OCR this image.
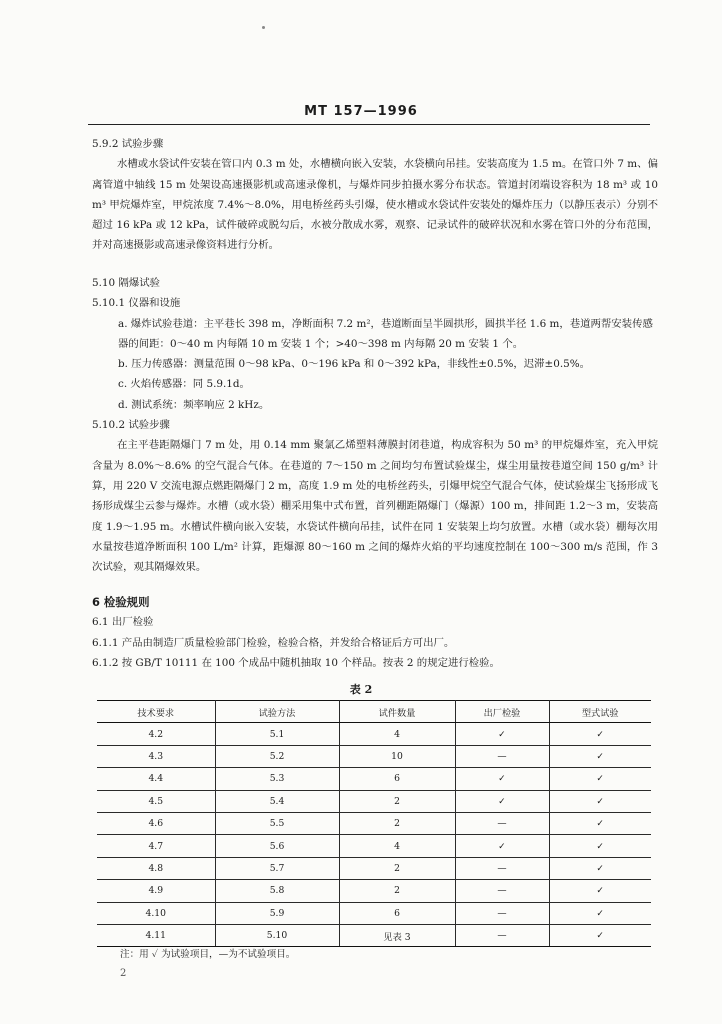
MT 157—1996

5.9.2 试验步骤

水槽或水袋试件安装在管口内 0.3 m 处，水槽横向嵌入安装，水袋横向吊挂。安装高度为 1.5 m。在管口外 7 m、偏离管道中轴线 15 m 处架设高速摄影机或高速录像机，与爆炸同步拍摄水雾分布状态。管道封闭端设容积为 18 m³ 或 10 m³ 甲烷爆炸室，甲烷浓度 7.4%～8.0%，用电桥丝药头引爆，使水槽或水袋试件安装处的爆炸压力（以静压表示）分别不超过 16 kPa 或 12 kPa，试件破碎或脱勾后，水被分散成水雾，观察、记录试件的破碎状况和水雾在管口外的分布范围，并对高速摄影或高速录像资料进行分析。

5.10 隔爆试验

5.10.1 仪器和设施

a. 爆炸试验巷道：主平巷长 398 m，净断面积 7.2 m²，巷道断面呈半圆拱形，圆拱半径 1.6 m，巷道两帮安装传感器的间距：0～40 m 内每隔 10 m 安装 1 个；>40～398 m 内每隔 20 m 安装 1 个。

b. 压力传感器：测量范围 0～98 kPa、0～196 kPa 和 0～392 kPa，非线性±0.5%，迟滞±0.5%。

c. 火焰传感器：同 5.9.1d。

d. 测试系统：频率响应 2 kHz。

5.10.2 试验步骤

在主平巷距隔爆门 7 m 处，用 0.14 mm 聚氯乙烯塑料薄膜封闭巷道，构成容积为 50 m³ 的甲烷爆炸室，充入甲烷含量为 8.0%～8.6% 的空气混合气体。在巷道的 7～150 m 之间均匀布置试验煤尘，煤尘用量按巷道空间 150 g/m³ 计算，用 220 V 交流电源点燃距隔爆门 2 m，高度 1.9 m 处的电桥丝药头，引爆甲烷空气混合气体，使试验煤尘飞扬形成飞扬形成煤尘云参与爆炸。水槽（或水袋）棚采用集中式布置，首列棚距隔爆门（爆源）100 m，排间距 1.2～3 m，安装高度 1.9～1.95 m。水槽试件横向嵌入安装，水袋试件横向吊挂，试件在同 1 安装架上均匀放置。水槽（或水袋）棚每次用水量按巷道净断面积 100 L/m² 计算，距爆源 80～160 m 之间的爆炸火焰的平均速度控制在 100～300 m/s 范围，作 3 次试验，观其隔爆效果。

6 检验规则

6.1 出厂检验

6.1.1 产品由制造厂质量检验部门检验，检验合格，并发给合格证后方可出厂。

6.1.2 按 GB/T 10111 在 100 个成品中随机抽取 10 个样品。按表 2 的规定进行检验。

表 2
技术要求	试验方法	试件数量	出厂检验	型式试验
4.2	5.1	4	✓	✓
4.3	5.2	10	—	✓
4.4	5.3	6	✓	✓
4.5	5.4	2	✓	✓
4.6	5.5	2	—	✓
4.7	5.6	4	✓	✓
4.8	5.7	2	—	✓
4.9	5.8	2	—	✓
4.10	5.9	6	—	✓
4.11	5.10	见表 3	—	✓
注：用 ✓ 为试验项目，—为不试验项目。
2
